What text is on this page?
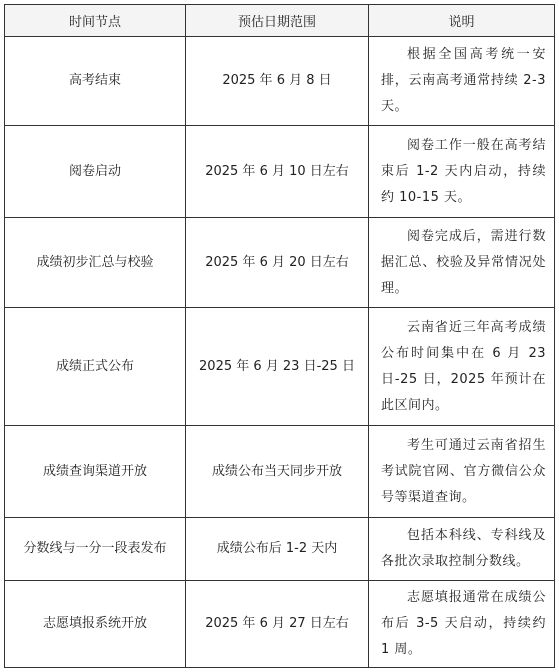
时间节点	预估日期范围	说明
高考结束	2025 年 6 月 8 日	根据全国高考统一安排，云南高考通常持续 2-3 天。

阅卷启动	2025 年 6 月 10 日左右	阅卷工作一般在高考结束后 1-2 天内启动，持续约 10-15 天。

成绩初步汇总与校验	2025 年 6 月 20 日左右	阅卷完成后，需进行数据汇总、校验及异常情况处理。

成绩正式公布	2025 年 6 月 23 日-25 日	云南省近三年高考成绩公布时间集中在 6 月 23 日-25 日，2025 年预计在此区间内。

成绩查询渠道开放	成绩公布当天同步开放	考生可通过云南省招生考试院官网、官方微信公众号等渠道查询。

分数线与一分一段表发布	成绩公布后 1-2 天内	包括本科线、专科线及各批次录取控制分数线。

志愿填报系统开放	2025 年 6 月 27 日左右	志愿填报通常在成绩公布后 3-5 天启动，持续约 1 周。
